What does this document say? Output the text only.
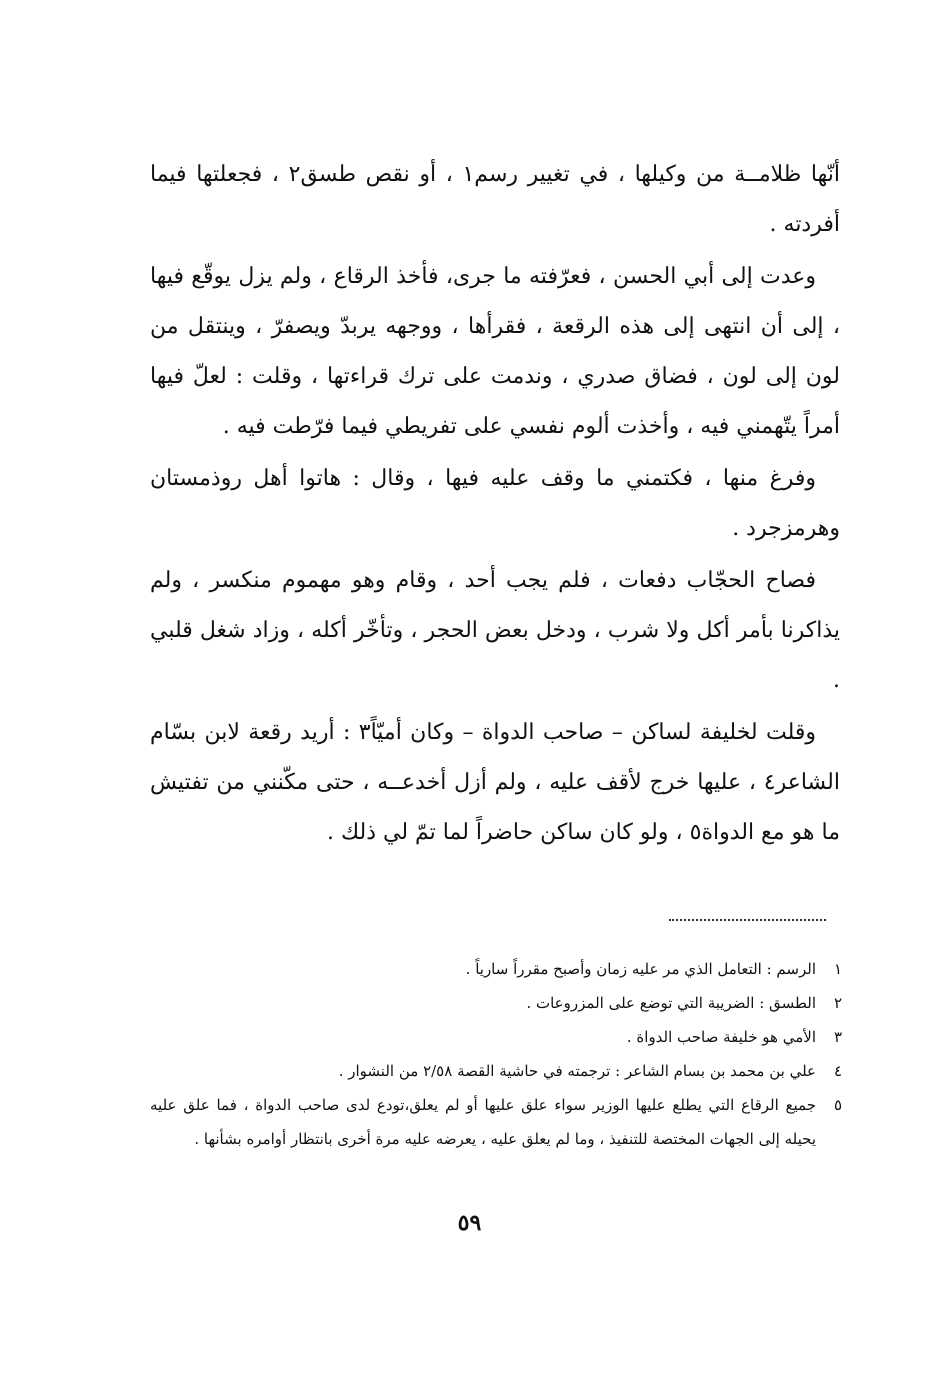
أنّها ظلامــة من وكيلها ، في تغيير رسم١ ، أو نقص طسق٢ ، فجعلتها فيما أفردته .

وعدت إلى أبي الحسن ، فعرّفته ما جرى، فأخذ الرقاع ، ولم يزل يوقّع فيها ، إلى أن انتهى إلى هذه الرقعة ، فقرأها ، ووجهه يربدّ ويصفرّ ، وينتقل من لون إلى لون ، فضاق صدري ، وندمت على ترك قراءتها ، وقلت : لعلّ فيها أمراً يتّهمني فيه ، وأخذت ألوم نفسي على تفريطي فيما فرّطت فيه .

وفرغ منها ، فكتمني ما وقف عليه فيها ، وقال : هاتوا أهل روذمستان وهرمزجرد .

فصاح الحجّاب دفعات ، فلم يجب أحد ، وقام وهو مهموم منكسر ، ولم يذاكرنا بأمر أكل ولا شرب ، ودخل بعض الحجر ، وتأخّر أكله ، وزاد شغل قلبي .

وقلت لخليفة لساكن – صاحب الدواة – وكان أميّاً٣ : أريد رقعة لابن بسّام الشاعر٤ ، عليها خرج لأقف عليه ، ولم أزل أخدعــه ، حتى مكّنني من تفتيش ما هو مع الدواة٥ ، ولو كان ساكن حاضراً لما تمّ لي ذلك .

١
الرسم : التعامل الذي مر عليه زمان وأصبح مقرراً سارياً .
٢
الطسق : الضريبة التي توضع على المزروعات .
٣
الأمي هو خليفة صاحب الدواة .
٤
علي بن محمد بن بسام الشاعر : ترجمته في حاشية القصة ٢/٥٨ من النشوار .
٥
جميع الرقاع التي يطلع عليها الوزير سواء علق عليها أو لم يعلق،تودع لدى صاحب الدواة ، فما علق عليه يحيله إلى الجهات المختصة للتنفيذ ، وما لم يعلق عليه ، يعرضه عليه مرة أخرى بانتظار أوامره بشأنها .
٥٩
